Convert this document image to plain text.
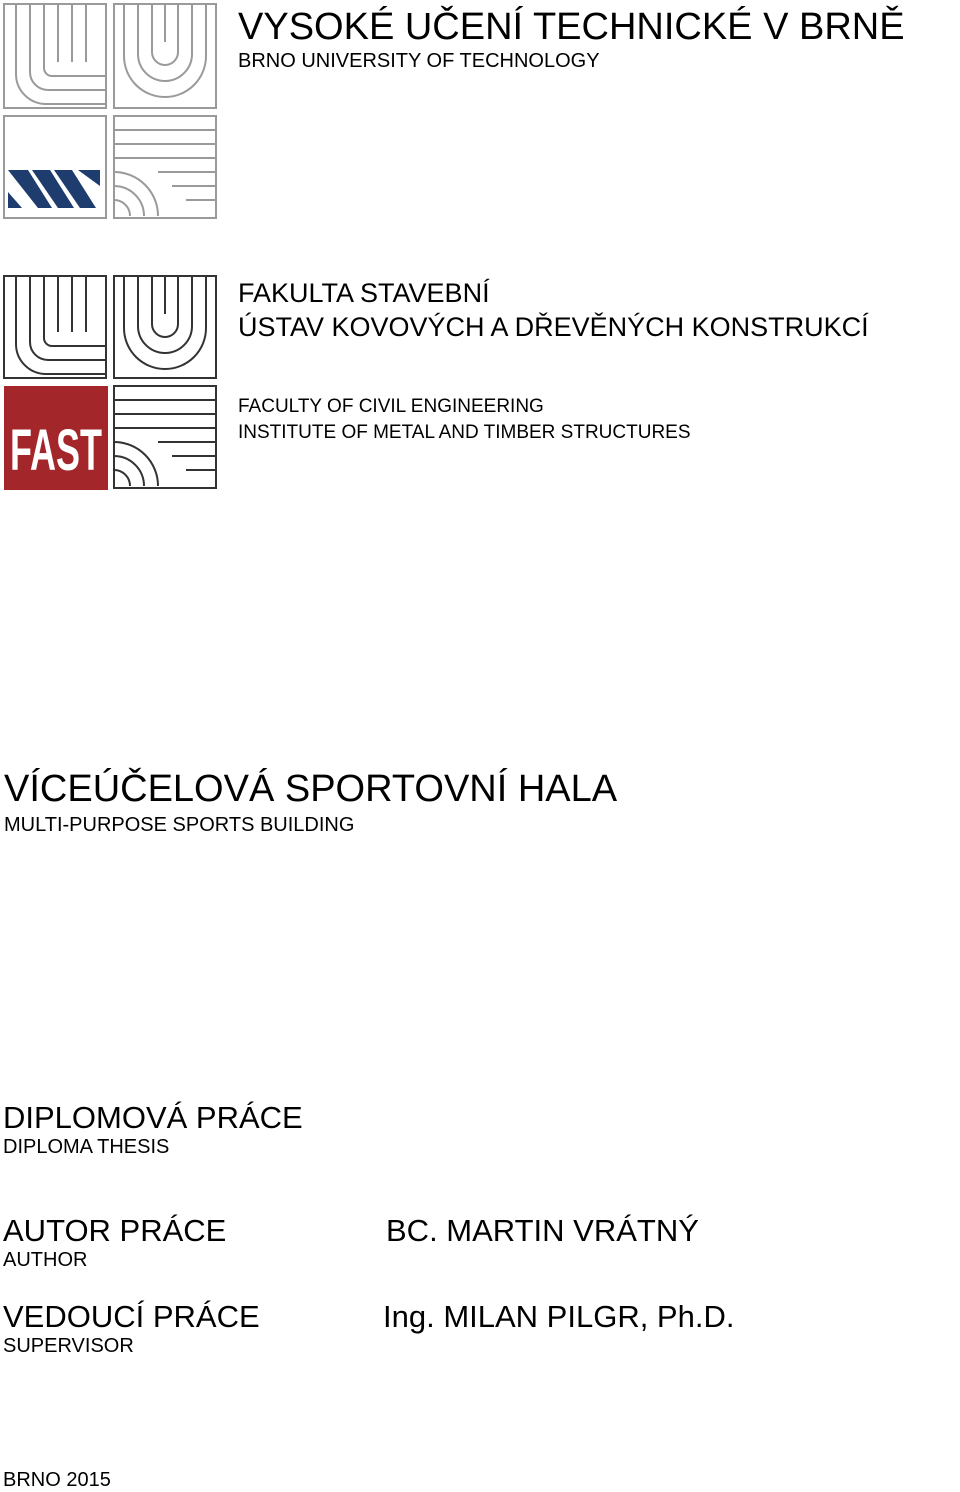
VYSOKÉ UČENÍ TECHNICKÉ V BRNĚ
BRNO UNIVERSITY OF TECHNOLOGY
FAST
FAKULTA STAVEBNÍ
ÚSTAV KOVOVÝCH A DŘEVĚNÝCH KONSTRUKCÍ
FACULTY OF CIVIL ENGINEERING
INSTITUTE OF METAL AND TIMBER STRUCTURES
VÍCEÚČELOVÁ SPORTOVNÍ HALA
MULTI-PURPOSE SPORTS BUILDING
DIPLOMOVÁ PRÁCE
DIPLOMA THESIS
AUTOR PRÁCE
AUTHOR
BC. MARTIN VRÁTNÝ
VEDOUCÍ PRÁCE
SUPERVISOR
Ing. MILAN PILGR, Ph.D.
BRNO 2015
